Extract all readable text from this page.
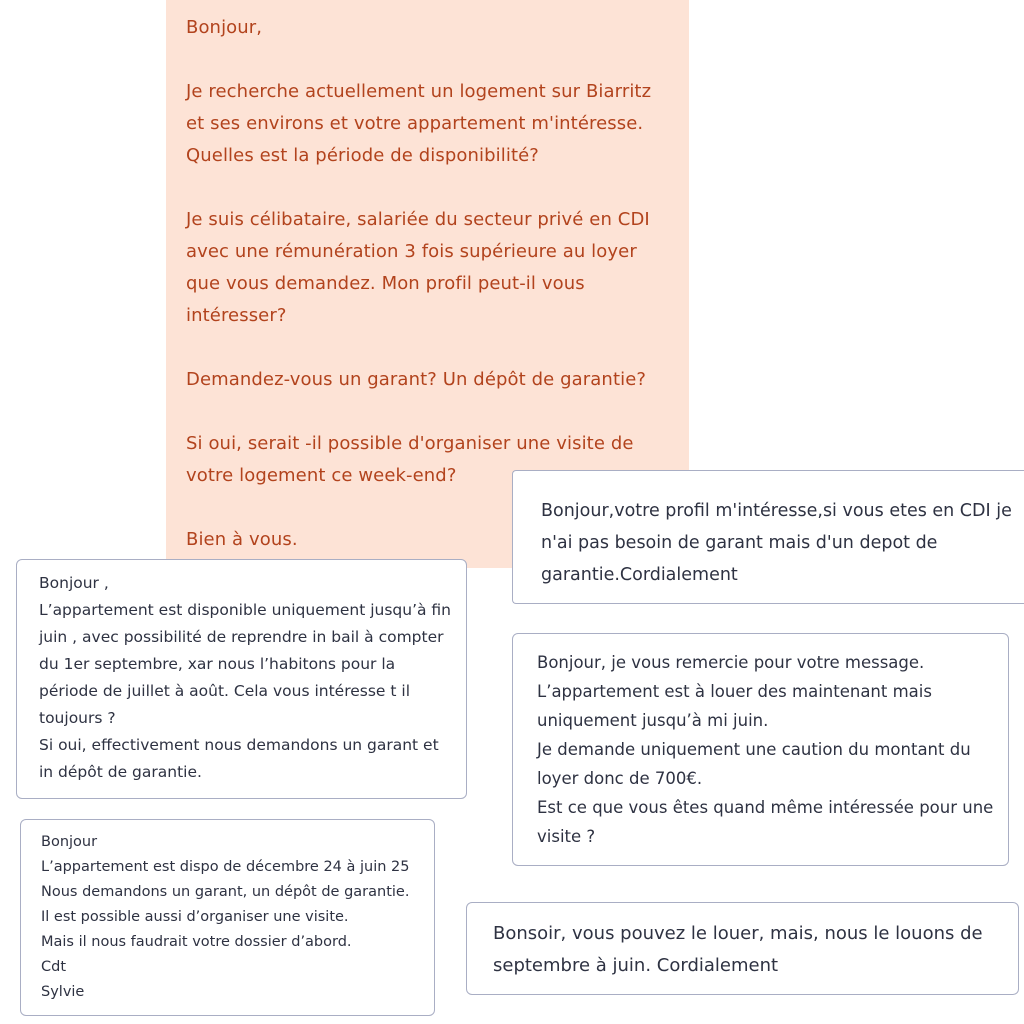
Bonjour,

Je recherche actuellement un logement sur Biarritz et ses environs et votre appartement m'intéresse. Quelles est la période de disponibilité?

Je suis célibataire, salariée du secteur privé en CDI avec une rémunération 3 fois supérieure au loyer que vous demandez. Mon profil peut-il vous intéresser?

Demandez-vous un garant? Un dépôt de garantie?

Si oui, serait -il possible d'organiser une visite de votre logement ce week-end?

Bien à vous.

Bonjour,votre profil m'intéresse,si vous etes en CDI je n'ai pas besoin de garant mais d'un depot de garantie.Cordialement

Bonjour ,
L’appartement est disponible uniquement jusqu’à fin juin , avec possibilité de reprendre in bail à compter du 1er septembre, xar nous l’habitons pour la période de juillet à août. Cela vous intéresse t il toujours ?
Si oui, effectivement nous demandons un garant et in dépôt de garantie.

Bonjour, je vous remercie pour votre message.
L’appartement est à louer des maintenant mais uniquement jusqu’à mi juin.
Je demande uniquement une caution du montant du loyer donc de 700€.
Est ce que vous êtes quand même intéressée pour une visite ?

Bonjour
L’appartement est dispo de décembre 24 à juin 25
Nous demandons un garant, un dépôt de garantie.
Il est possible aussi d’organiser une visite.
Mais il nous faudrait votre dossier d’abord.
Cdt
Sylvie

Bonsoir, vous pouvez le louer, mais, nous le louons de septembre à juin. Cordialement
